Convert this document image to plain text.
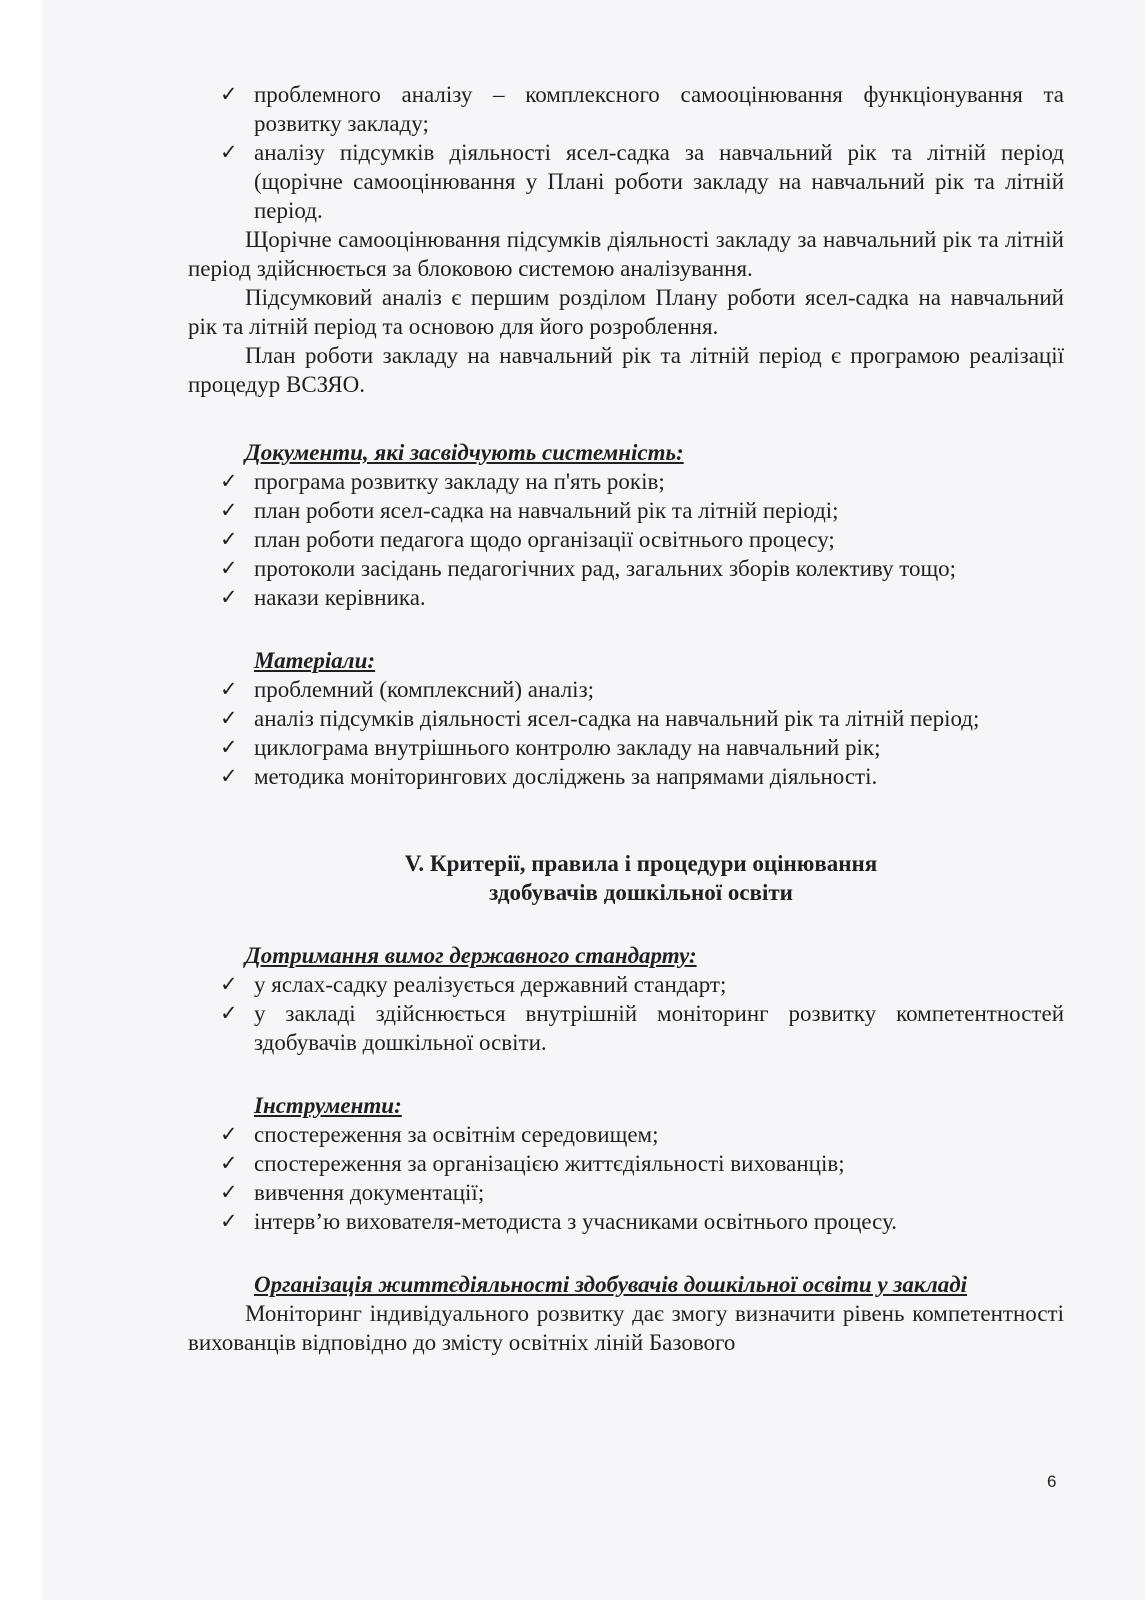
✓ проблемного аналізу – комплексного самооцінювання функціонування та розвитку закладу;
✓ аналізу підсумків діяльності ясел-садка за навчальний рік та літній період (щорічне самооцінювання у Плані роботи закладу на навчальний рік та літній період.

Щорічне самооцінювання підсумків діяльності закладу за навчальний рік та літній період здійснюється за блоковою системою аналізування.

Підсумковий аналіз є першим розділом Плану роботи ясел-садка на навчальний рік та літній період та основою для його розроблення.

План роботи закладу на навчальний рік та літній період є програмою реалізації процедур ВСЗЯО.

Документи, які засвідчують системність:

✓ програма розвитку закладу на п'ять років;
✓ план роботи ясел-садка на навчальний рік та літній періоді;
✓ план роботи педагога щодо організації освітнього процесу;
✓ протоколи засідань педагогічних рад, загальних зборів колективу тощо;
✓ накази керівника.

Матеріали:

✓ проблемний (комплексний) аналіз;
✓ аналіз підсумків діяльності ясел-садка на навчальний рік та літній період;
✓ циклограма внутрішнього контролю закладу на навчальний рік;
✓ методика моніторингових досліджень за напрямами діяльності.

V. Критерії, правила і процедури оцінювання

здобувачів дошкільної освіти

Дотримання вимог державного стандарту:

✓ у яслах-садку реалізується державний стандарт;
✓ у закладі здійснюється внутрішній моніторинг розвитку компетентностей здобувачів дошкільної освіти.

Інструменти:

✓ спостереження за освітнім середовищем;
✓ спостереження за організацією життєдіяльності вихованців;
✓ вивчення документації;
✓ інтерв’ю вихователя-методиста з учасниками освітнього процесу.

Організація життєдіяльності здобувачів дошкільної освіти у закладі

Моніторинг індивідуального розвитку дає змогу визначити рівень компетентності вихованців відповідно до змісту освітніх ліній Базового

6
